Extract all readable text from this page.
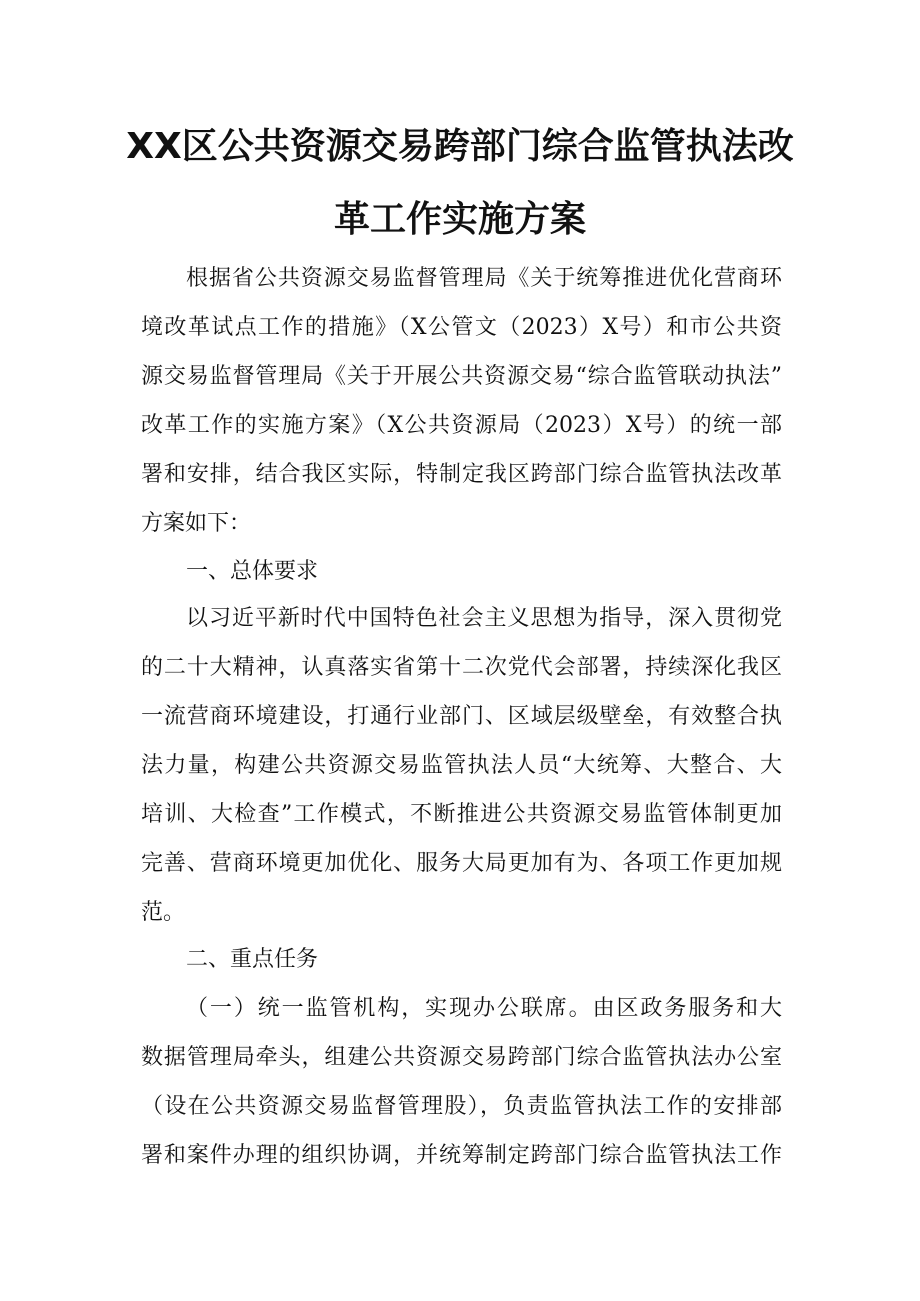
XX区公共资源交易跨部门综合监管执法改
革工作实施方案
根据省公共资源交易监督管理局《关于统筹推进优化营商环
境改革试点工作的措施》（X公管文（2023）X号）和市公共资
源交易监督管理局《关于开展公共资源交易“综合监管联动执法”
改革工作的实施方案》（X公共资源局（2023）X号）的统一部
署和安排，结合我区实际，特制定我区跨部门综合监管执法改革
方案如下：
一、总体要求
以习近平新时代中国特色社会主义思想为指导，深入贯彻党
的二十大精神，认真落实省第十二次党代会部署，持续深化我区
一流营商环境建设，打通行业部门、区域层级壁垒，有效整合执
法力量，构建公共资源交易监管执法人员“大统筹、大整合、大
培训、大检查”工作模式，不断推进公共资源交易监管体制更加
完善、营商环境更加优化、服务大局更加有为、各项工作更加规
范。
二、重点任务
（一）统一监管机构，实现办公联席。由区政务服务和大
数据管理局牵头，组建公共资源交易跨部门综合监管执法办公室
（设在公共资源交易监督管理股），负责监管执法工作的安排部
署和案件办理的组织协调，并统筹制定跨部门综合监管执法工作
